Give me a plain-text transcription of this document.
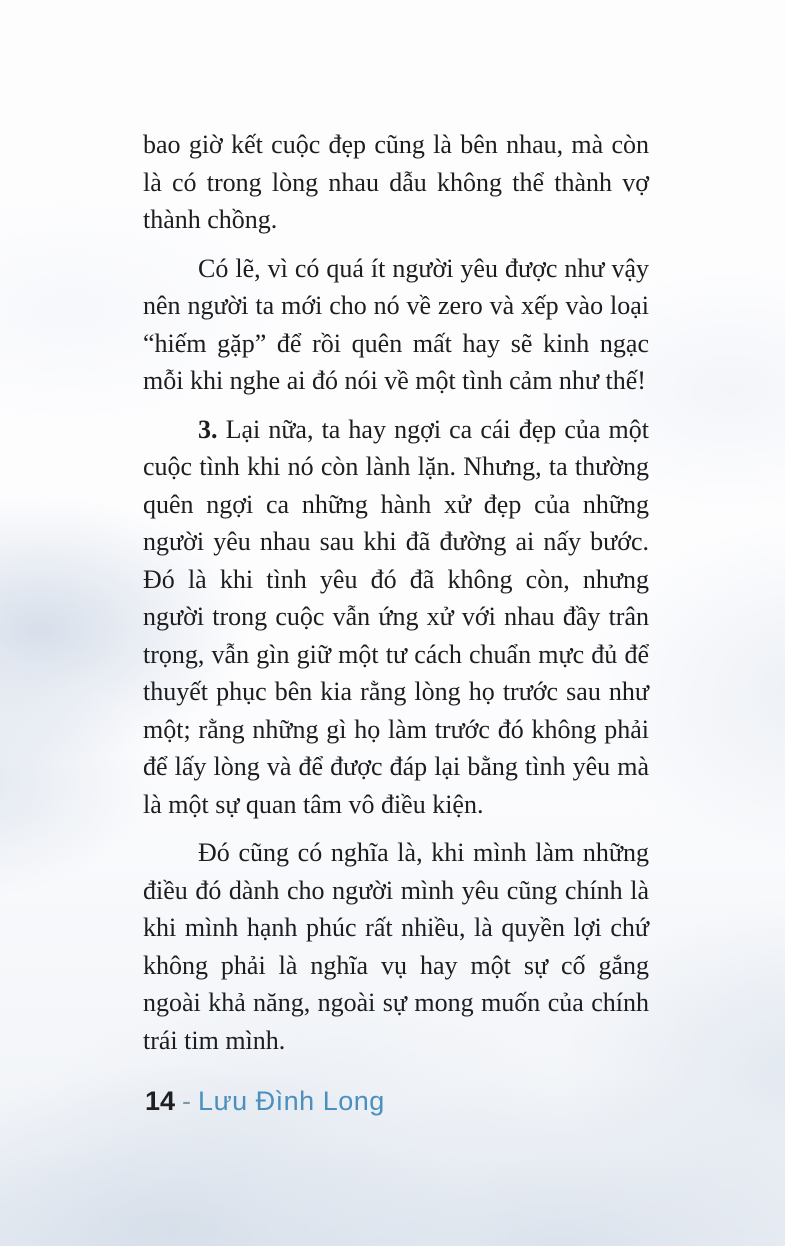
bao giờ kết cuộc đẹp cũng là bên nhau, mà còn là có trong lòng nhau dẫu không thể thành vợ thành chồng.

Có lẽ, vì có quá ít người yêu được như vậy nên người ta mới cho nó về zero và xếp vào loại “hiếm gặp” để rồi quên mất hay sẽ kinh ngạc mỗi khi nghe ai đó nói về một tình cảm như thế!

3. Lại nữa, ta hay ngợi ca cái đẹp của một cuộc tình khi nó còn lành lặn. Nhưng, ta thường quên ngợi ca những hành xử đẹp của những người yêu nhau sau khi đã đường ai nấy bước. Đó là khi tình yêu đó đã không còn, nhưng người trong cuộc vẫn ứng xử với nhau đầy trân trọng, vẫn gìn giữ một tư cách chuẩn mực đủ để thuyết phục bên kia rằng lòng họ trước sau như một; rằng những gì họ làm trước đó không phải để lấy lòng và để được đáp lại bằng tình yêu mà là một sự quan tâm vô điều kiện.

Đó cũng có nghĩa là, khi mình làm những điều đó dành cho người mình yêu cũng chính là khi mình hạnh phúc rất nhiều, là quyền lợi chứ không phải là nghĩa vụ hay một sự cố gắng ngoài khả năng, ngoài sự mong muốn của chính trái tim mình.

14 - Lưu Đình Long
